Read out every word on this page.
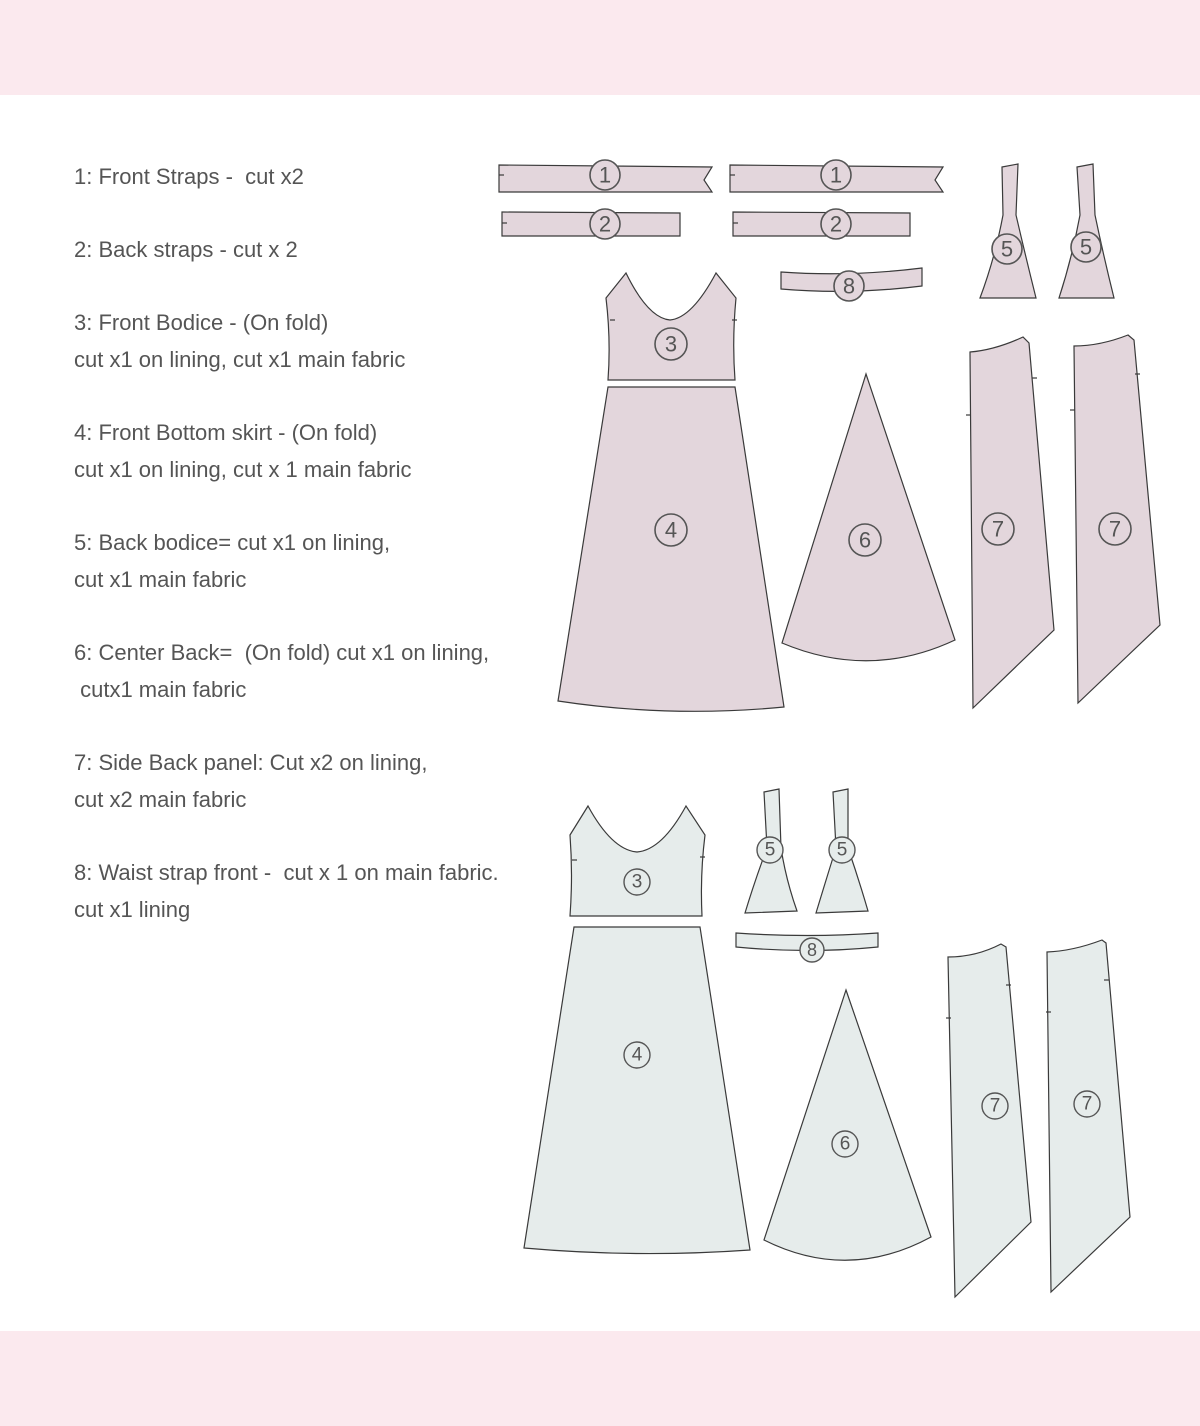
1: Front Straps -  cut x2
2: Back straps - cut x 2
3: Front Bodice - (On fold)
cut x1 on lining, cut x1 main fabric
4: Front Bottom skirt - (On fold)
cut x1 on lining, cut x 1 main fabric
5: Back bodice= cut x1 on lining,
cut x1 main fabric
6: Center Back=  (On fold) cut x1 on lining,
cutx1 main fabric
7: Side Back panel: Cut x2 on lining,
cut x2 main fabric
8: Waist strap front -  cut x 1 on main fabric.
cut x1 lining
1	1
2	2
8
5	5
3
4	6	7	7
3
5	5
8
4
6
7	7
